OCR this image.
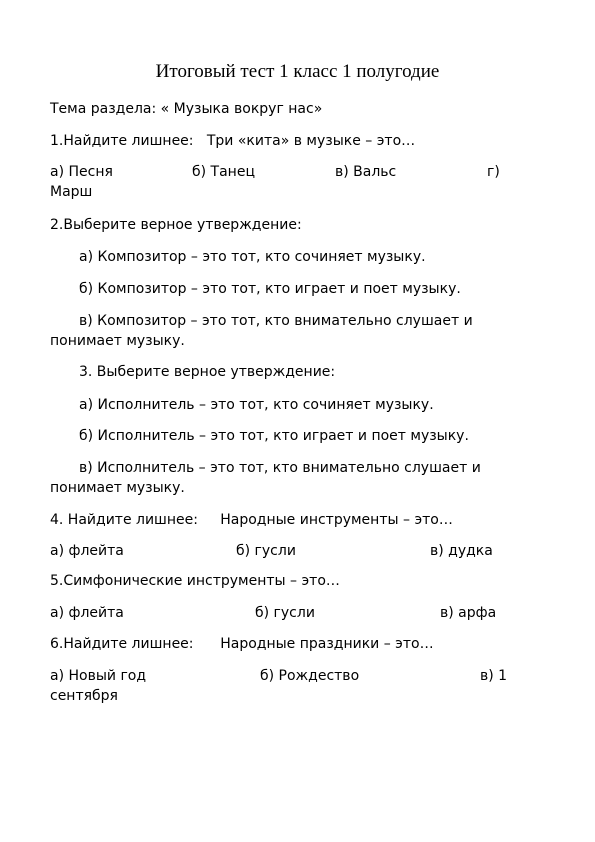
Итоговый тест 1 класс 1 полугодие

Тема раздела: « Музыка вокруг нас»

1.Найдите лишнее:   Три «кита» в музыке – это…

а) Песня	б) Танец	в) Вальс	г)
Марш

2.Выберите верное утверждение:

а) Композитор – это тот, кто сочиняет музыку.

б) Композитор – это тот, кто играет и поет музыку.

в) Композитор – это тот, кто внимательно слушает и понимает музыку.

3. Выберите верное утверждение:

а) Исполнитель – это тот, кто сочиняет музыку.

б) Исполнитель – это тот, кто играет и поет музыку.

в) Исполнитель – это тот, кто внимательно слушает и понимает музыку.

4. Найдите лишнее:     Народные инструменты – это…

а) флейта	б) гусли	в) дудка

5.Симфонические инструменты – это…

а) флейта	б) гусли	в) арфа

6.Найдите лишнее:      Народные праздники – это…

а) Новый год	б) Рождество	в) 1
сентября
